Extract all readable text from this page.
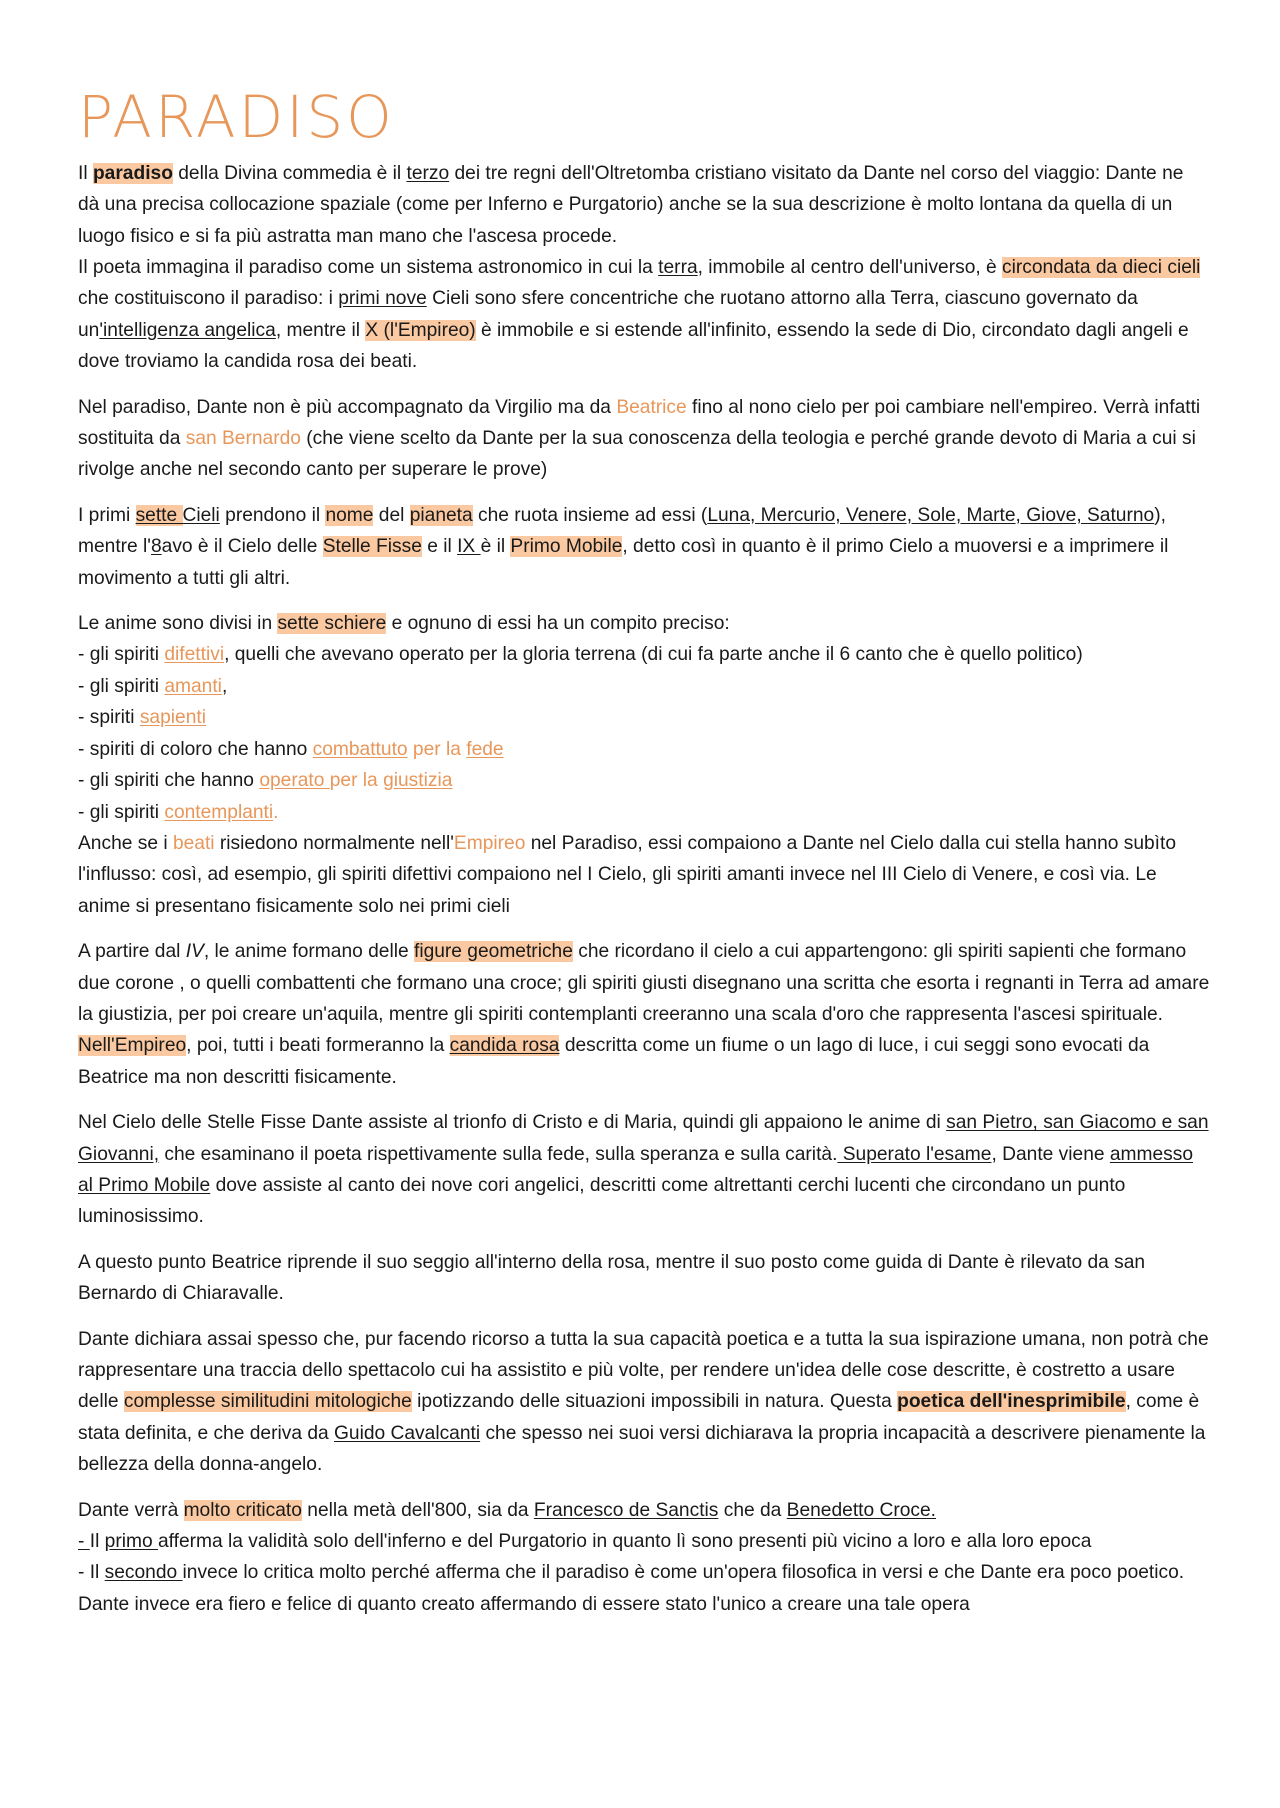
PARADISO

Il paradiso della Divina commedia è il terzo dei tre regni dell'Oltretomba cristiano visitato da Dante nel corso del viaggio: Dante ne dà una precisa collocazione spaziale (come per Inferno e Purgatorio) anche se la sua descrizione è molto lontana da quella di un luogo fisico e si fa più astratta man mano che l'ascesa procede.
Il poeta immagina il paradiso come un sistema astronomico in cui la terra, immobile al centro dell'universo, è circondata da dieci cieli che costituiscono il paradiso: i primi nove Cieli sono sfere concentriche che ruotano attorno alla Terra, ciascuno governato da un'intelligenza angelica, mentre il X (l'Empireo) è immobile e si estende all'infinito, essendo la sede di Dio, circondato dagli angeli e dove troviamo la candida rosa dei beati.

Nel paradiso, Dante non è più accompagnato da Virgilio ma da Beatrice fino al nono cielo per poi cambiare nell'empireo. Verrà infatti sostituita da san Bernardo (che viene scelto da Dante per la sua conoscenza della teologia e perché grande devoto di Maria a cui si rivolge anche nel secondo canto per superare le prove)

I primi sette Cieli prendono il nome del pianeta che ruota insieme ad essi (Luna, Mercurio, Venere, Sole, Marte, Giove, Saturno), mentre l'8avo è il Cielo delle Stelle Fisse e il IX è il Primo Mobile, detto così in quanto è il primo Cielo a muoversi e a imprimere il movimento a tutti gli altri.

Le anime sono divisi in sette schiere e ognuno di essi ha un compito preciso:
- gli spiriti difettivi, quelli che avevano operato per la gloria terrena (di cui fa parte anche il 6 canto che è quello politico)
- gli spiriti amanti,
- spiriti sapienti
- spiriti di coloro che hanno combattuto per la fede
- gli spiriti che hanno operato per la giustizia
- gli spiriti contemplanti.
Anche se i beati risiedono normalmente nell'Empireo nel Paradiso, essi compaiono a Dante nel Cielo dalla cui stella hanno subìto l'influsso: così, ad esempio, gli spiriti difettivi compaiono nel I Cielo, gli spiriti amanti invece nel III Cielo di Venere, e così via. Le anime si presentano fisicamente solo nei primi cieli

A partire dal IV, le anime formano delle figure geometriche che ricordano il cielo a cui appartengono: gli spiriti sapienti che formano due corone , o quelli combattenti che formano una croce; gli spiriti giusti disegnano una scritta che esorta i regnanti in Terra ad amare la giustizia, per poi creare un'aquila, mentre gli spiriti contemplanti creeranno una scala d'oro che rappresenta l'ascesi spirituale. Nell'Empireo, poi, tutti i beati formeranno la candida rosa descritta come un fiume o un lago di luce, i cui seggi sono evocati da Beatrice ma non descritti fisicamente.

Nel Cielo delle Stelle Fisse Dante assiste al trionfo di Cristo e di Maria, quindi gli appaiono le anime di san Pietro, san Giacomo e san Giovanni, che esaminano il poeta rispettivamente sulla fede, sulla speranza e sulla carità. Superato l'esame, Dante viene ammesso al Primo Mobile dove assiste al canto dei nove cori angelici, descritti come altrettanti cerchi lucenti che circondano un punto luminosissimo.

A questo punto Beatrice riprende il suo seggio all'interno della rosa, mentre il suo posto come guida di Dante è rilevato da san Bernardo di Chiaravalle.

Dante dichiara assai spesso che, pur facendo ricorso a tutta la sua capacità poetica e a tutta la sua ispirazione umana, non potrà che rappresentare una traccia dello spettacolo cui ha assistito e più volte, per rendere un'idea delle cose descritte, è costretto a usare delle complesse similitudini mitologiche ipotizzando delle situazioni impossibili in natura. Questa poetica dell'inesprimibile, come è stata definita, e che deriva da Guido Cavalcanti che spesso nei suoi versi dichiarava la propria incapacità a descrivere pienamente la bellezza della donna-angelo.

Dante verrà molto criticato nella metà dell'800, sia da Francesco de Sanctis che da Benedetto Croce.
- Il primo afferma la validità solo dell'inferno e del Purgatorio in quanto lì sono presenti più vicino a loro e alla loro epoca
- Il secondo invece lo critica molto perché afferma che il paradiso è come un'opera filosofica in versi e che Dante era poco poetico. Dante invece era fiero e felice di quanto creato affermando di essere stato l'unico a creare una tale opera
